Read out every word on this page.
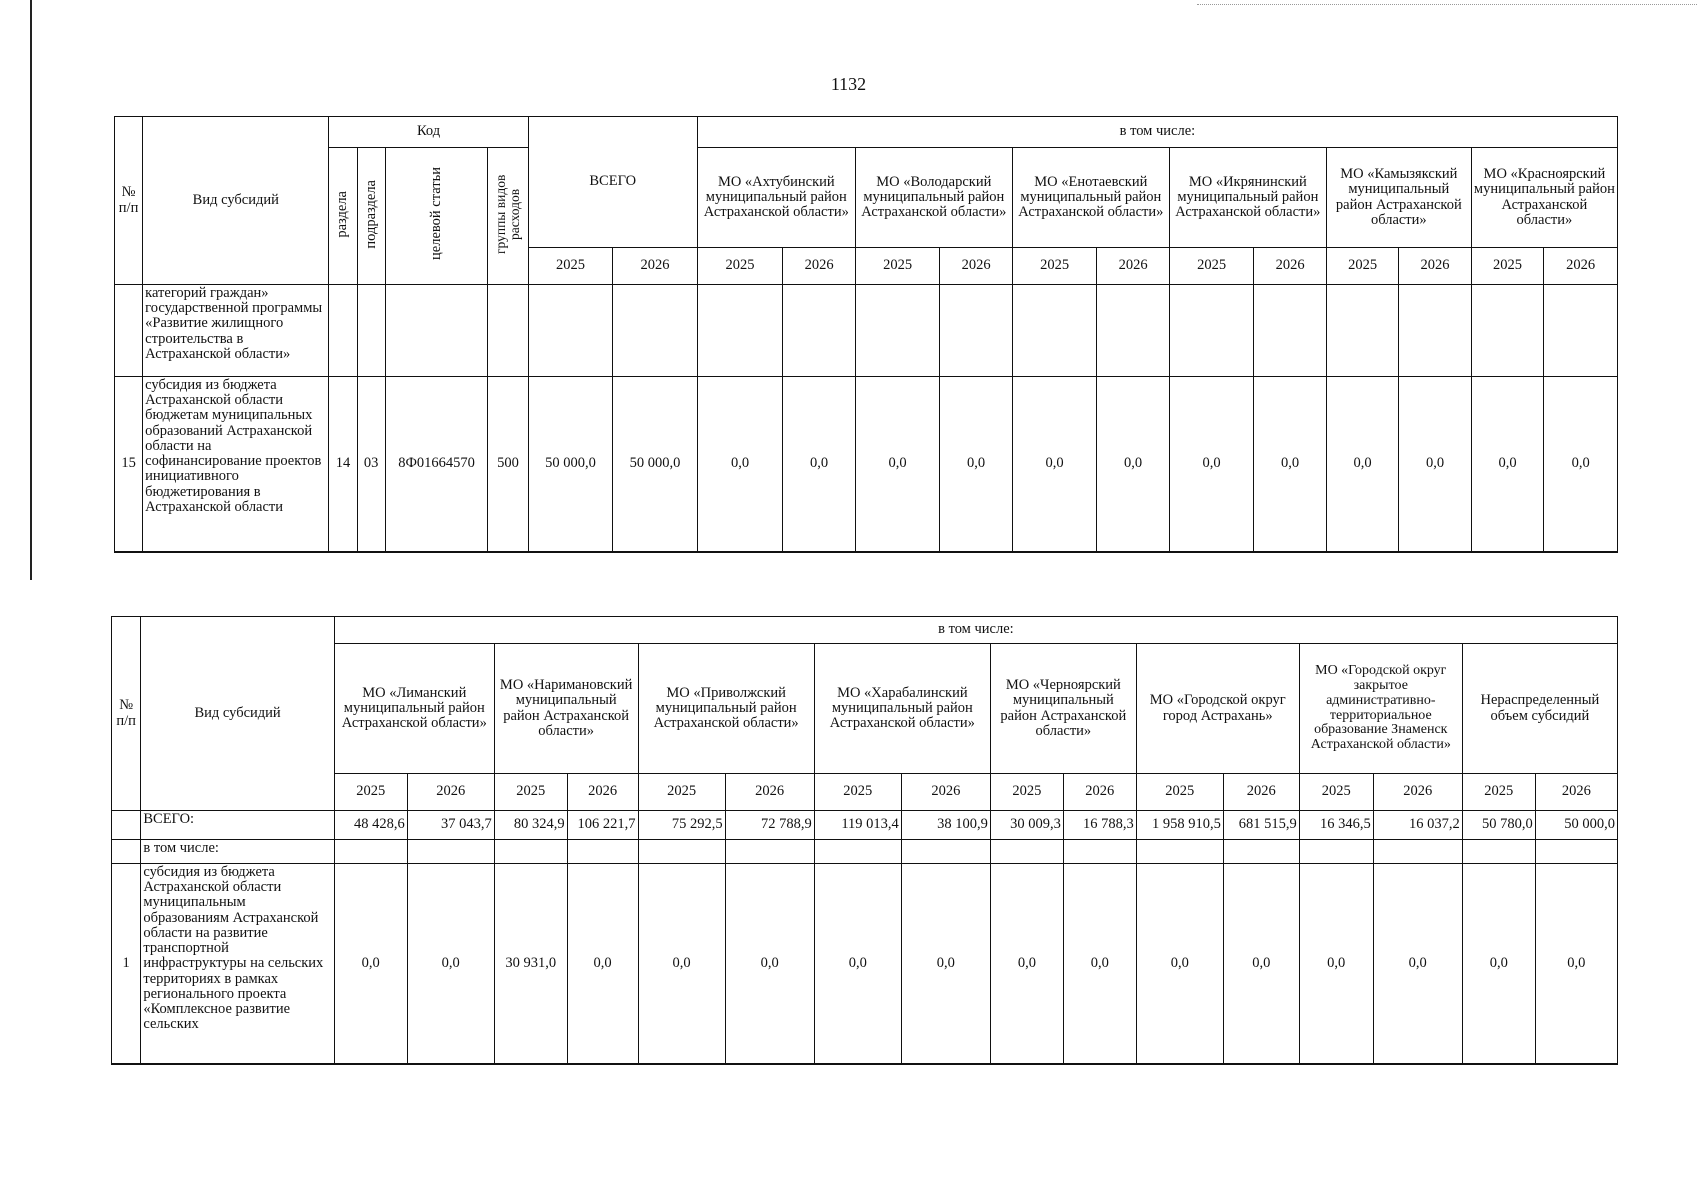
1132
№ п/п	Вид субсидий	Код				ВСЕГО		в том числе:											
		раздела	подраздела	целевой статьи	группы видов расходов			МО «Ахтубинский муниципальный район Астраханской области»		МО «Володарский муниципальный район Астраханской области»		МО «Енотаевский муниципальный район Астраханской области»		МО «Икрянинский муниципальный район Астраханской области»		МО «Камызякский муниципальный район Астраханской области»		МО «Красноярский муниципальный район Астраханской области»	
						2025	2026	2025	2026	2025	2026	2025	2026	2025	2026	2025	2026	2025	2026
	категорий граждан» государственной программы «Развитие жилищного строительства в Астраханской области»																		
15	субсидия из бюджета Астраханской области бюджетам муниципальных образований Астраханской области на софинансирование проектов инициативного бюджетирования в Астраханской области	14	03	8Ф01664570	500	50 000,0	50 000,0	0,0	0,0	0,0	0,0	0,0	0,0	0,0	0,0	0,0	0,0	0,0	0,0
№ п/п	Вид субсидий	в том числе:															
		МО «Лиманский муниципальный район Астраханской области»		МО «Наримановский муниципальный район Астраханской области»		МО «Приволжский муниципальный район Астраханской области»		МО «Харабалинский муниципальный район Астраханской области»		МО «Черноярский муниципальный район Астраханской области»		МО «Городской округ город Астрахань»		МО «Городской округ закрытое административно-территориальное образование Знаменск Астраханской области»		Нераспределенный объем субсидий	
		2025	2026	2025	2026	2025	2026	2025	2026	2025	2026	2025	2026	2025	2026	2025	2026
	ВСЕГО:	48 428,6	37 043,7	80 324,9	106 221,7	75 292,5	72 788,9	119 013,4	38 100,9	30 009,3	16 788,3	1 958 910,5	681 515,9	16 346,5	16 037,2	50 780,0	50 000,0
	в том числе:																
1	субсидия из бюджета Астраханской области муниципальным образованиям Астраханской области на развитие транспортной инфраструктуры на сельских территориях в рамках регионального проекта «Комплексное развитие сельских	0,0	0,0	30 931,0	0,0	0,0	0,0	0,0	0,0	0,0	0,0	0,0	0,0	0,0	0,0	0,0	0,0
